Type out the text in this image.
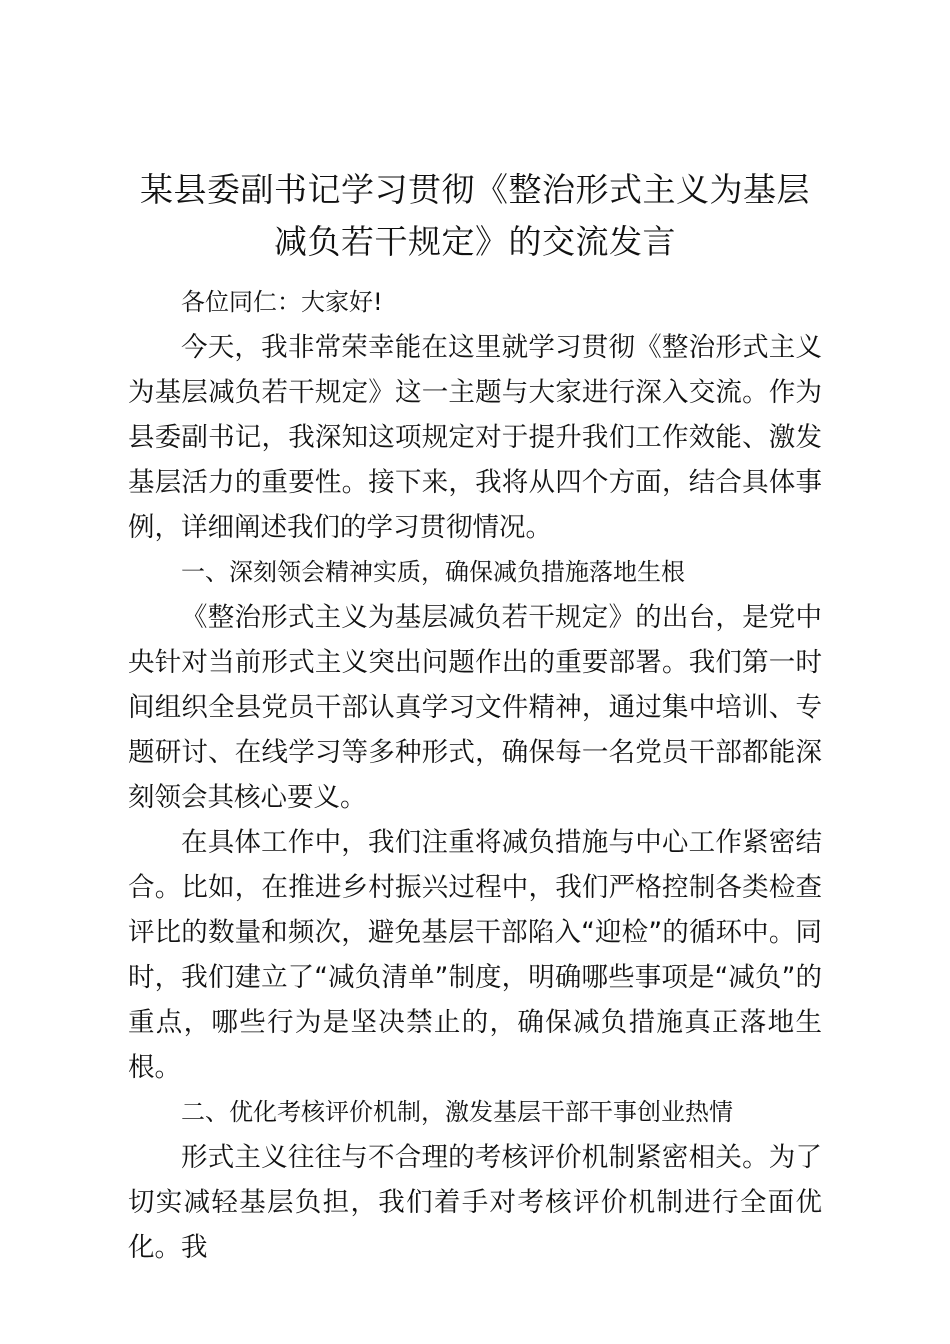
某县委副书记学习贯彻《整治形式主义为基层减负若干规定》的交流发言

各位同仁：大家好!

今天，我非常荣幸能在这里就学习贯彻《整治形式主义为基层减负若干规定》这一主题与大家进行深入交流。作为县委副书记，我深知这项规定对于提升我们工作效能、激发基层活力的重要性。接下来，我将从四个方面，结合具体事例，详细阐述我们的学习贯彻情况。

一、深刻领会精神实质，确保减负措施落地生根

《整治形式主义为基层减负若干规定》的出台，是党中央针对当前形式主义突出问题作出的重要部署。我们第一时间组织全县党员干部认真学习文件精神，通过集中培训、专题研讨、在线学习等多种形式，确保每一名党员干部都能深刻领会其核心要义。

在具体工作中，我们注重将减负措施与中心工作紧密结合。比如，在推进乡村振兴过程中，我们严格控制各类检查评比的数量和频次，避免基层干部陷入“迎检”的循环中。同时，我们建立了“减负清单”制度，明确哪些事项是“减负”的重点，哪些行为是坚决禁止的，确保减负措施真正落地生根。

二、优化考核评价机制，激发基层干部干事创业热情

形式主义往往与不合理的考核评价机制紧密相关。为了切实减轻基层负担，我们着手对考核评价机制进行全面优化。我
